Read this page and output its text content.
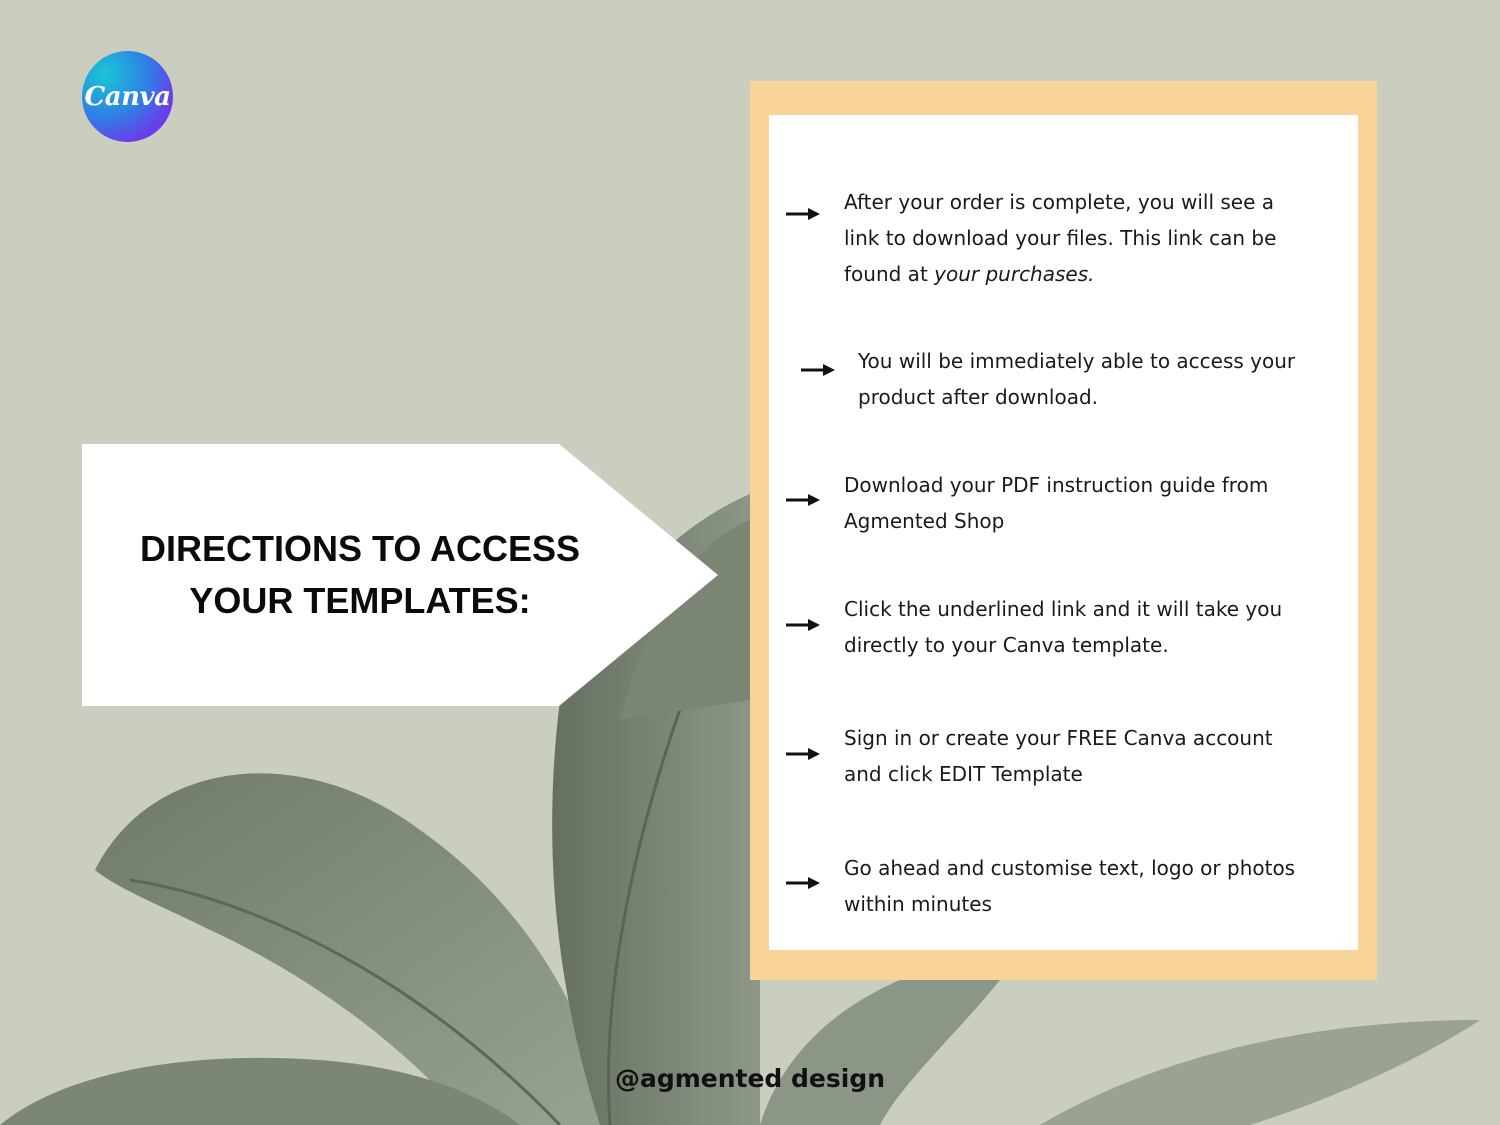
Canva
DIRECTIONS TO ACCESS
YOUR TEMPLATES:
After your order is complete, you will see a
link to download your files. This link can be
found at your purchases.
You will be immediately able to access your
product after download.
Download your PDF instruction guide from
Agmented Shop
Click the underlined link and it will take you
directly to your Canva template.
Sign in or create your FREE Canva account
and click EDIT Template
Go ahead and customise text, logo or photos
within minutes
@agmented design
